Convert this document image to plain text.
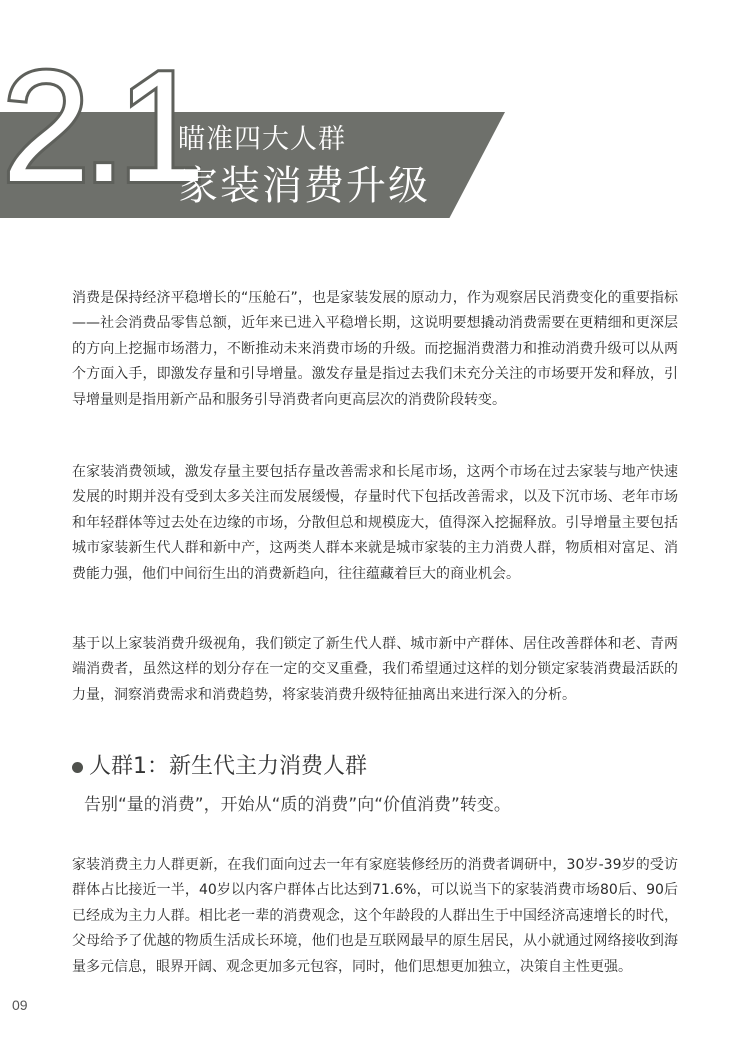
2.1
瞄准四大人群
家装消费升级

消费是保持经济平稳增长的“压舱石”，也是家装发展的原动力，作为观察居民消费变化的重要指标——社会消费品零售总额，近年来已进入平稳增长期，这说明要想撬动消费需要在更精细和更深层的方向上挖掘市场潜力，不断推动未来消费市场的升级。而挖掘消费潜力和推动消费升级可以从两个方面入手，即激发存量和引导增量。激发存量是指过去我们未充分关注的市场要开发和释放，引导增量则是指用新产品和服务引导消费者向更高层次的消费阶段转变。

在家装消费领域，激发存量主要包括存量改善需求和长尾市场，这两个市场在过去家装与地产快速发展的时期并没有受到太多关注而发展缓慢，存量时代下包括改善需求，以及下沉市场、老年市场和年轻群体等过去处在边缘的市场，分散但总和规模庞大，值得深入挖掘释放。引导增量主要包括城市家装新生代人群和新中产，这两类人群本来就是城市家装的主力消费人群，物质相对富足、消费能力强，他们中间衍生出的消费新趋向，往往蕴藏着巨大的商业机会。

基于以上家装消费升级视角，我们锁定了新生代人群、城市新中产群体、居住改善群体和老、青两端消费者，虽然这样的划分存在一定的交叉重叠，我们希望通过这样的划分锁定家装消费最活跃的力量，洞察消费需求和消费趋势，将家装消费升级特征抽离出来进行深入的分析。

人群1：新生代主力消费人群
告别“量的消费”，开始从“质的消费”向“价值消费”转变。

家装消费主力人群更新，在我们面向过去一年有家庭装修经历的消费者调研中，30岁-39岁的受访群体占比接近一半，40岁以内客户群体占比达到71.6%，可以说当下的家装消费市场80后、90后已经成为主力人群。相比老一辈的消费观念，这个年龄段的人群出生于中国经济高速增长的时代，父母给予了优越的物质生活成长环境，他们也是互联网最早的原生居民，从小就通过网络接收到海量多元信息，眼界开阔、观念更加多元包容，同时，他们思想更加独立，决策自主性更强。

09
